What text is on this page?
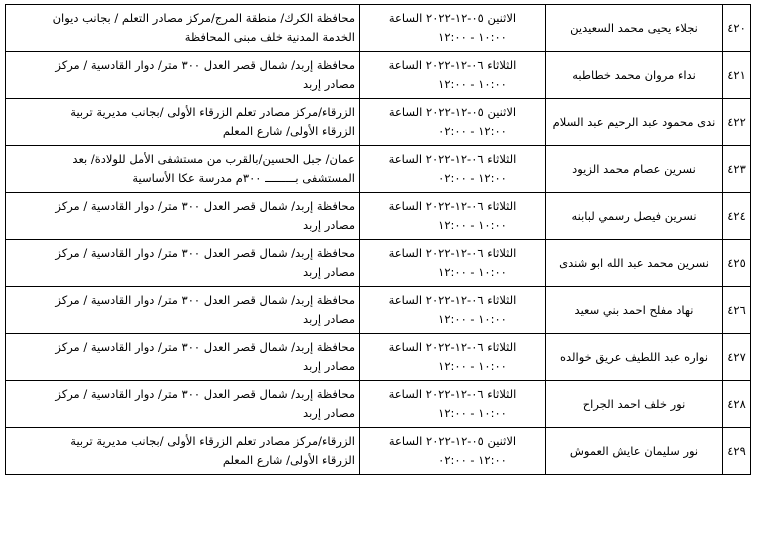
٤٢٠	نجلاء يحيى محمد السعيدين	الاثنين ٠٥-١٢-٢٠٢٢ الساعة
١٠:٠٠ - ١٢:٠٠	محافظة الكرك/ منطقة المرج/مركز مصادر التعلم / بجانب ديوان
الخدمة المدنية خلف مبنى المحافظة

٤٢١	نداء مروان محمد خطاطبه	الثلاثاء ٠٦-١٢-٢٠٢٢ الساعة
١٠:٠٠ - ١٢:٠٠	محافظة إربد/ شمال قصر العدل ٣٠٠ متر/ دوار القادسية / مركز
مصادر إربد

٤٢٢	ندى محمود عبد الرحيم عبد السلام	الاثنين ٠٥-١٢-٢٠٢٢ الساعة
١٢:٠٠ - ٠٢:٠٠	الزرقاء/مركز مصادر تعلم الزرقاء الأولى /بجانب مديرية تربية
الزرقاء الأولى/ شارع المعلم

٤٢٣	نسرين عصام محمد الزيود	الثلاثاء ٠٦-١٢-٢٠٢٢ الساعة
١٢:٠٠ - ٠٢:٠٠	عمان/ جبل الحسين/بالقرب من مستشفى الأمل للولادة/ بعد
المستشفى بـــــــــ ٣٠٠م مدرسة عكا الأساسية

٤٢٤	نسرين فيصل رسمي لبابنه	الثلاثاء ٠٦-١٢-٢٠٢٢ الساعة
١٠:٠٠ - ١٢:٠٠	محافظة إربد/ شمال قصر العدل ٣٠٠ متر/ دوار القادسية / مركز
مصادر إربد

٤٢٥	نسرين محمد عبد الله ابو شندى	الثلاثاء ٠٦-١٢-٢٠٢٢ الساعة
١٠:٠٠ - ١٢:٠٠	محافظة إربد/ شمال قصر العدل ٣٠٠ متر/ دوار القادسية / مركز
مصادر إربد

٤٢٦	نهاد مفلح احمد بني سعيد	الثلاثاء ٠٦-١٢-٢٠٢٢ الساعة
١٠:٠٠ - ١٢:٠٠	محافظة إربد/ شمال قصر العدل ٣٠٠ متر/ دوار القادسية / مركز
مصادر إربد

٤٢٧	نواره عبد اللطيف عريق خوالده	الثلاثاء ٠٦-١٢-٢٠٢٢ الساعة
١٠:٠٠ - ١٢:٠٠	محافظة إربد/ شمال قصر العدل ٣٠٠ متر/ دوار القادسية / مركز
مصادر إربد

٤٢٨	نور خلف احمد الجراح	الثلاثاء ٠٦-١٢-٢٠٢٢ الساعة
١٠:٠٠ - ١٢:٠٠	محافظة إربد/ شمال قصر العدل ٣٠٠ متر/ دوار القادسية / مركز
مصادر إربد

٤٢٩	نور سليمان عايش العموش	الاثنين ٠٥-١٢-٢٠٢٢ الساعة
١٢:٠٠ - ٠٢:٠٠	الزرقاء/مركز مصادر تعلم الزرقاء الأولى /بجانب مديرية تربية
الزرقاء الأولى/ شارع المعلم
